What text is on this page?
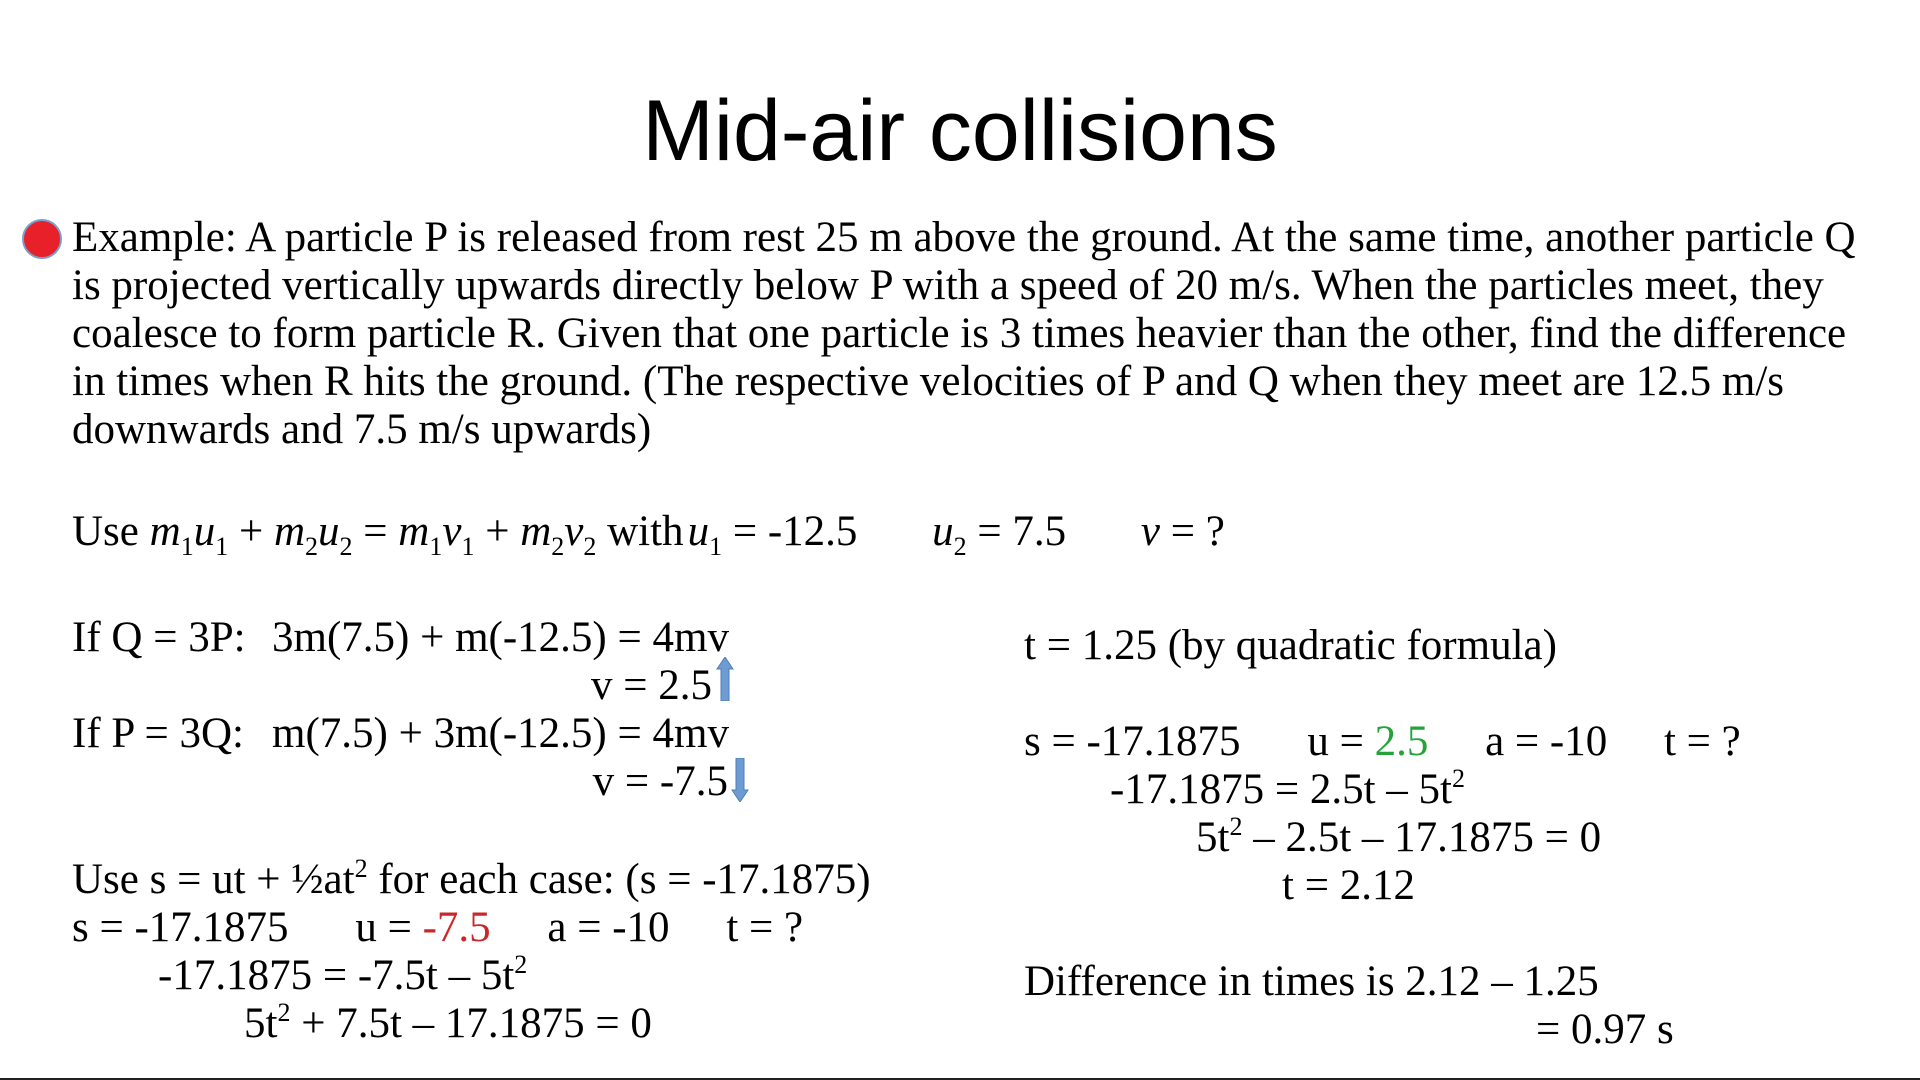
Mid-air collisions

Example: A particle P is released from rest 25 m above the ground. At the same time, another particle Q

is projected vertically upwards directly below P with a speed of 20 m/s. When the particles meet, they

coalesce to form particle R. Given that one particle is 3 times heavier than the other, find the difference

in times when R hits the ground. (The respective velocities of P and Q when they meet are 12.5 m/s

downwards and 7.5 m/s upwards)

Use $m_1u_1 + m_2u_2 = m_1v_1 + m_2v_2$ withu$_1$ = -12.5 $u_2 = 7.5$ v = ?
If Q = 3P: 3m(7.5) + m(-12.5) = 4mv
v = 2.5
If P = 3Q: m(7.5) + 3m(-12.5) = 4mv
v = -7.5
Use s = ut + $\frac{1}{2}at^2$ for each case: (s = -17.1875)
s = -17.1875 u = -7.5 a = -10 t = ?
$-17.1875 = -7.5t - 5t^2$
$5t^2 + 7.5t - 17.1875 = 0$
t = 1.25 (by quadratic formula)
s = -17.1875 u = 2.5 a = -10 t = ?
$-17.1875 = 2.5t - 5t^2$
$5t^2 - 2.5t - 17.1875 = 0$
t = 2.12
Difference in times is 2.12 – 1.25
= 0.97 s
